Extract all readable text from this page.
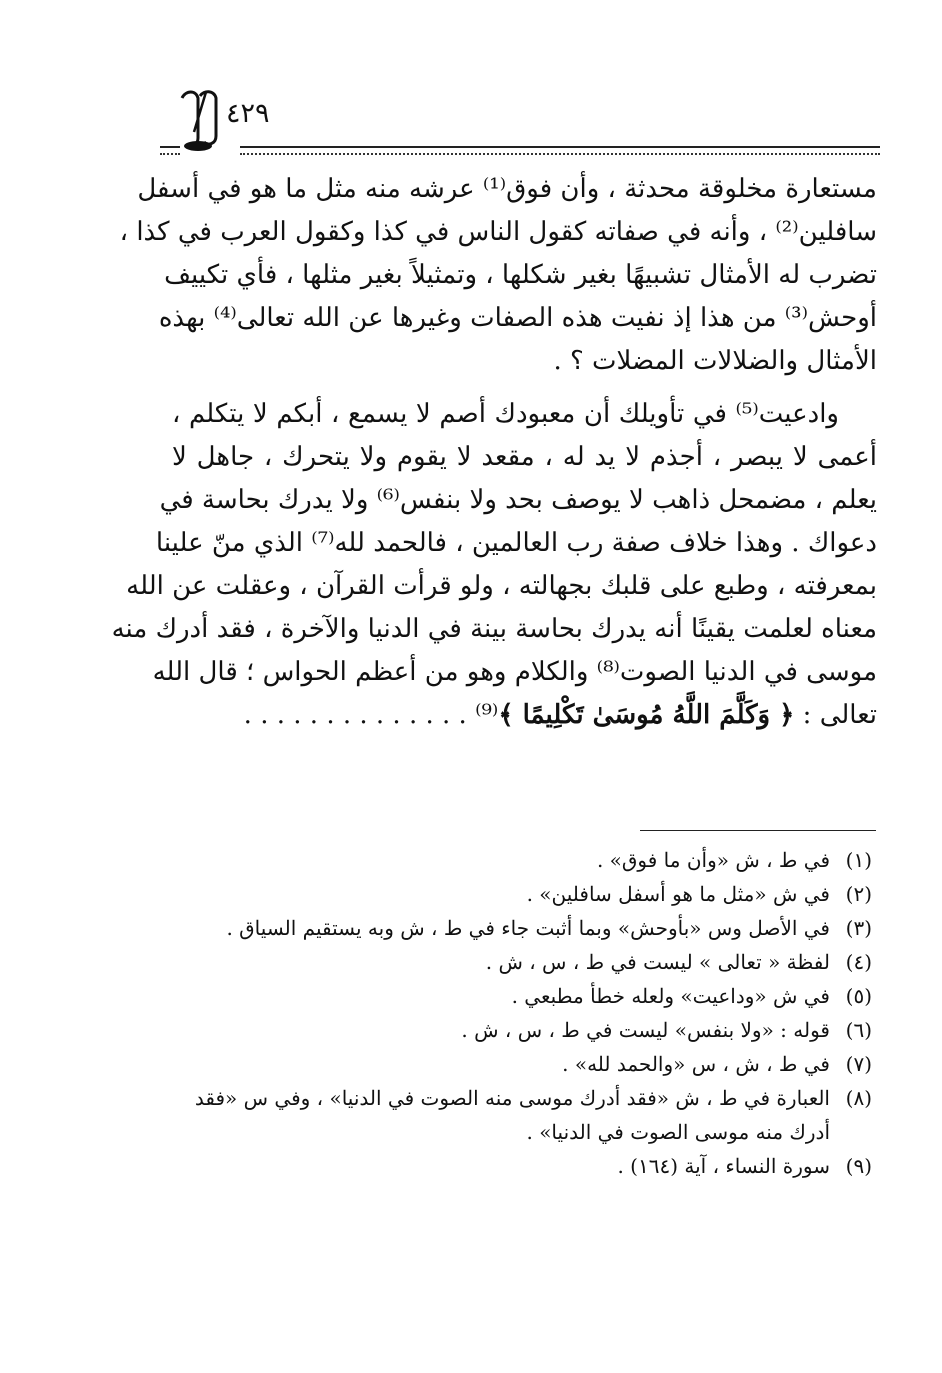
٤٢٩
مستعارة مخلوقة محدثة ، وأن فوق⁽¹⁾ عرشه منه مثل ما هو في أسفل
سافلين⁽²⁾ ، وأنه في صفاته كقول الناس في كذا وكقول العرب في كذا ،
تضرب له الأمثال تشبيهًا بغير شكلها ، وتمثيلاً بغير مثلها ، فأي تكييف
أوحش⁽³⁾ من هذا إذ نفيت هذه الصفات وغيرها عن الله تعالى⁽⁴⁾ بهذه
الأمثال والضلالات المضلات ؟ .
وادعيت⁽⁵⁾ في تأويلك أن معبودك أصم لا يسمع ، أبكم لا يتكلم ،
أعمى لا يبصر ، أجذم لا يد له ، مقعد لا يقوم ولا يتحرك ، جاهل لا
يعلم ، مضمحل ذاهب لا يوصف بحد ولا بنفس⁽⁶⁾ ولا يدرك بحاسة في
دعواك . وهذا خلاف صفة رب العالمين ، فالحمد لله⁽⁷⁾ الذي منّ علينا
بمعرفته ، وطبع على قلبك بجهالته ، ولو قرأت القرآن ، وعقلت عن الله
معناه لعلمت يقينًا أنه يدرك بحاسة بينة في الدنيا والآخرة ، فقد أدرك منه
موسى في الدنيا الصوت⁽⁸⁾ والكلام وهو من أعظم الحواس ؛ قال الله
تعالى : ﴿ وَكَلَّمَ اللَّهُ مُوسَىٰ تَكْلِيمًا ﴾⁽⁹⁾ . . . . . . . . . . . . . .
(١)في ط ، ش «وأن ما فوق» .
(٢)في ش «مثل ما هو أسفل سافلين» .
(٣)في الأصل وس «بأوحش» وبما أثبت جاء في ط ، ش وبه يستقيم السياق .
(٤)لفظة « تعالى » ليست في ط ، س ، ش .
(٥)في ش «وداعيت» ولعله خطأ مطبعي .
(٦)قوله : «ولا بنفس» ليست في ط ، س ، ش .
(٧)في ط ، ش ، س «والحمد لله» .
(٨)العبارة في ط ، ش «فقد أدرك موسى منه الصوت في الدنيا» ، وفي س «فقد
أدرك منه موسى الصوت في الدنيا» .
(٩)سورة النساء ، آية (١٦٤) .
